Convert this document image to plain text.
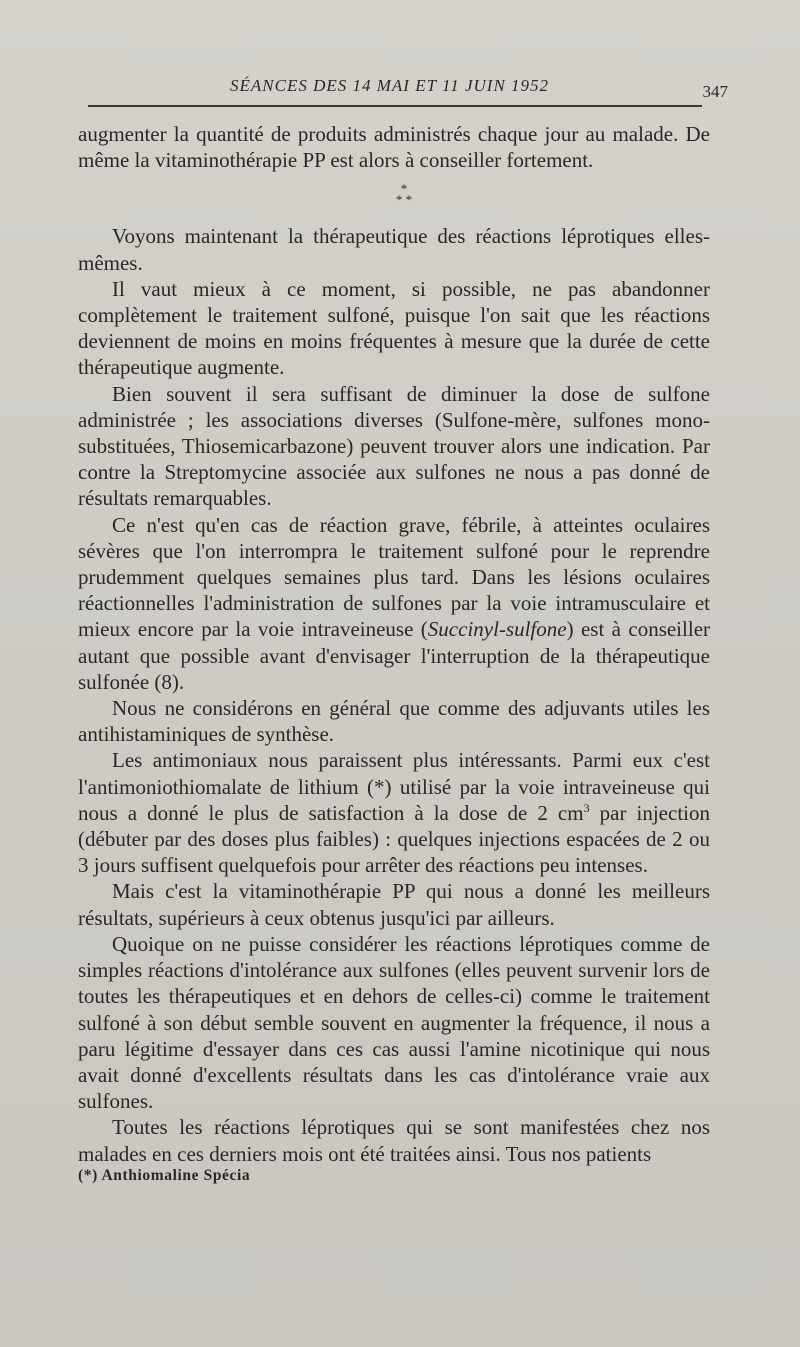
SÉANCES DES 14 MAI ET 11 JUIN 1952	347

augmenter la quantité de produits administrés chaque jour au malade. De même la vitaminothérapie PP est alors à conseiller fortement.

*
* *

Voyons maintenant la thérapeutique des réactions léprotiques elles-mêmes.

Il vaut mieux à ce moment, si possible, ne pas abandonner complètement le traitement sulfoné, puisque l'on sait que les réactions deviennent de moins en moins fréquentes à mesure que la durée de cette thérapeutique augmente.

Bien souvent il sera suffisant de diminuer la dose de sulfone administrée ; les associations diverses (Sulfone-mère, sulfones mono-substituées, Thiosemicarbazone) peuvent trouver alors une indication. Par contre la Streptomycine associée aux sulfones ne nous a pas donné de résultats remarquables.

Ce n'est qu'en cas de réaction grave, fébrile, à atteintes oculaires sévères que l'on interrompra le traitement sulfoné pour le reprendre prudemment quelques semaines plus tard. Dans les lésions oculaires réactionnelles l'administration de sulfones par la voie intramusculaire et mieux encore par la voie intraveineuse (Succinyl-sulfone) est à conseiller autant que possible avant d'envisager l'interruption de la thérapeutique sulfonée (8).

Nous ne considérons en général que comme des adjuvants utiles les antihistaminiques de synthèse.

Les antimoniaux nous paraissent plus intéressants. Parmi eux c'est l'antimoniothiomalate de lithium (*) utilisé par la voie intraveineuse qui nous a donné le plus de satisfaction à la dose de 2 $cm^3$ par injection (débuter par des doses plus faibles) : quelques injections espacées de 2 ou 3 jours suffisent quelquefois pour arrêter des réactions peu intenses.

Mais c'est la vitaminothérapie PP qui nous a donné les meilleurs résultats, supérieurs à ceux obtenus jusqu'ici par ailleurs.

Quoique on ne puisse considérer les réactions léprotiques comme de simples réactions d'intolérance aux sulfones (elles peuvent survenir lors de toutes les thérapeutiques et en dehors de celles-ci) comme le traitement sulfoné à son début semble souvent en augmenter la fréquence, il nous a paru légitime d'essayer dans ces cas aussi l'amine nicotinique qui nous avait donné d'excellents résultats dans les cas d'intolérance vraie aux sulfones.

Toutes les réactions léprotiques qui se sont manifestées chez nos malades en ces derniers mois ont été traitées ainsi. Tous nos patients

(*) Anthiomaline Spécia
